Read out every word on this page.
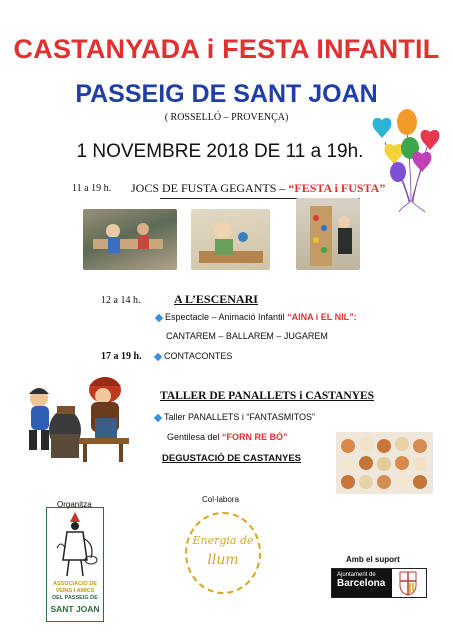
CASTANYADA i FESTA INFANTIL
PASSEIG DE SANT JOAN
( ROSSELLÓ – PROVENÇA)
1 NOVEMBRE 2018 DE 11 a 19h.
11 a 19 h. JOCS DE FUSTA GEGANTS – “FESTA i FUSTA”
12 a 14 h.	A L’ESCENARI
Espectacle – Animació Infantil “AINA i EL NIL”:
CANTAREM – BALLAREM – JUGAREM
17 a 19 h.	CONTACONTES
TALLER DE PANALLETS i CASTANYES
Taller PANALLETS i “FANTASMITOS”
Gentilesa del “FORN RE BÓ”
DEGUSTACIÓ DE CASTANYES
Organitza
ASSOCIACIÓ DE
VEÏNS I AMICS
DEL PASSEIG DE
SANT JOAN
Col·labora
Energia de
llum	Amb el suport
Ajuntament de
Barcelona
